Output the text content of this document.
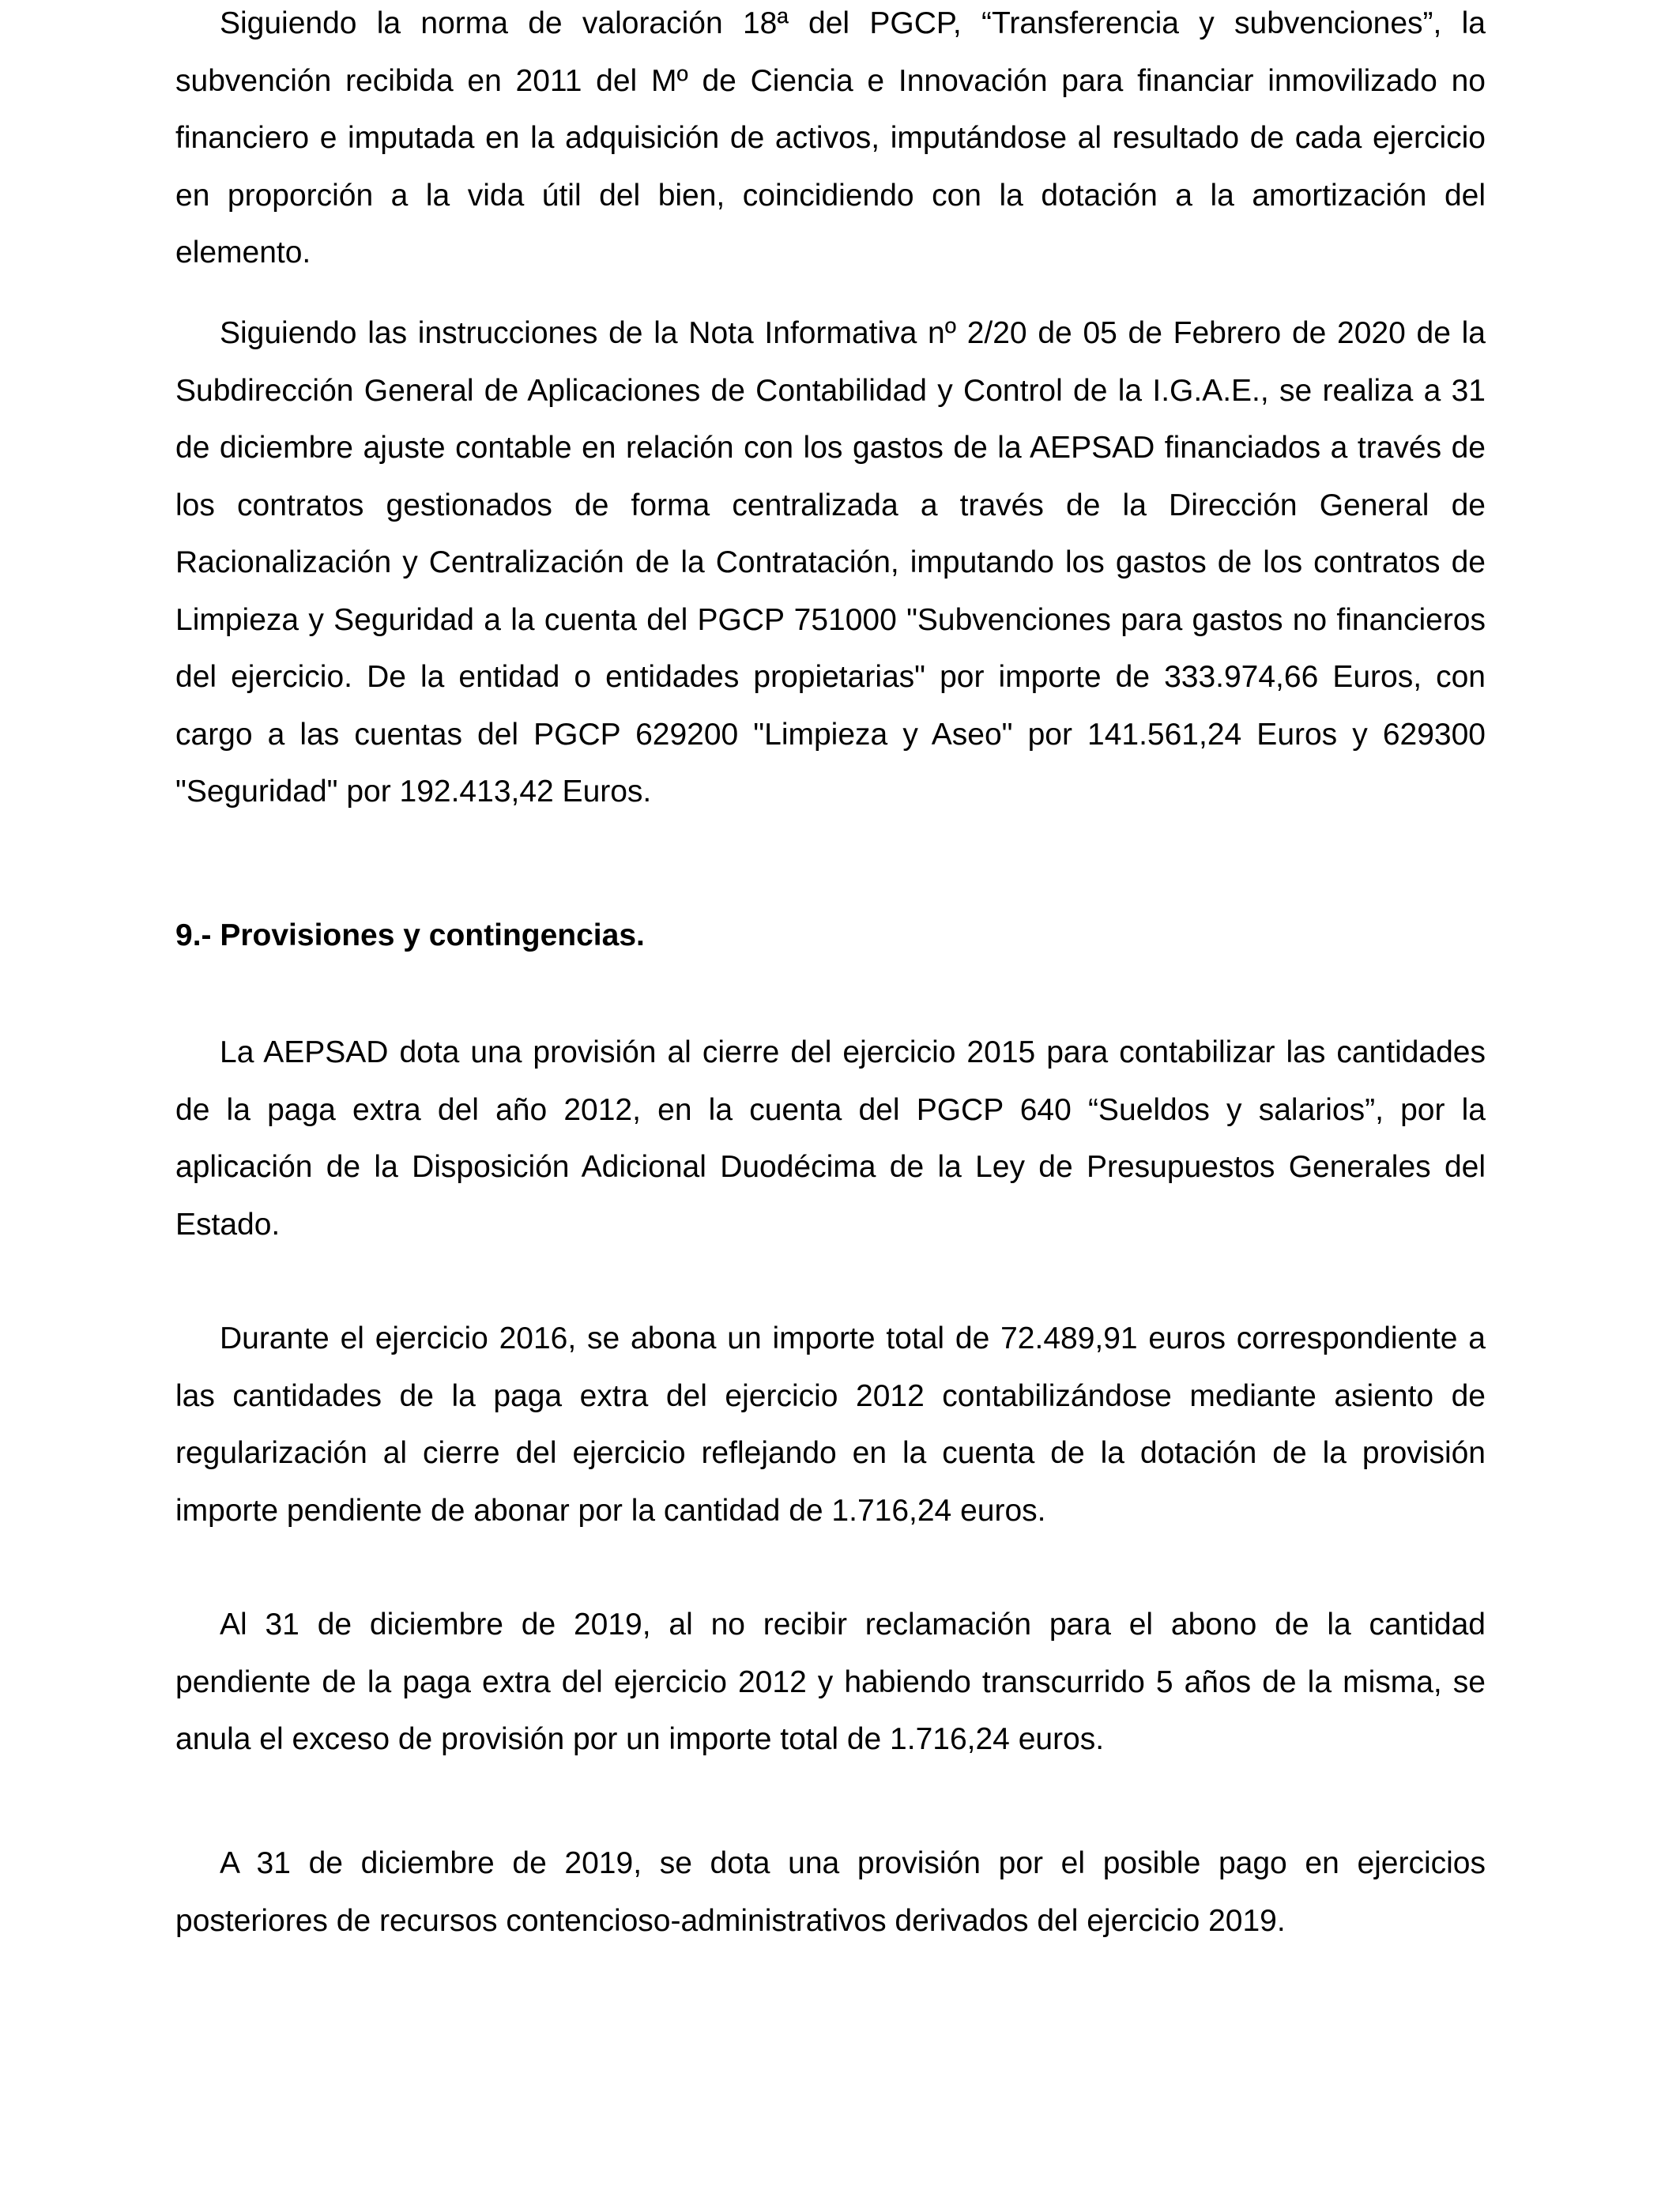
Siguiendo la norma de valoración 18ª del PGCP, “Transferencia y subvenciones”, la subvención recibida en 2011 del Mº de Ciencia e Innovación para financiar inmovilizado no financiero e imputada en la adquisición de activos, imputándose al resultado de cada ejercicio en proporción a la vida útil del bien, coincidiendo con la dotación a la amortización del elemento.

Siguiendo las instrucciones de la Nota Informativa nº 2/20 de 05 de Febrero de 2020 de la Subdirección General de Aplicaciones de Contabilidad y Control de la I.G.A.E., se realiza a 31 de diciembre ajuste contable en relación con los gastos de la AEPSAD financiados a través de los contratos gestionados de forma centralizada a través de la Dirección General de Racionalización y Centralización de la Contratación, imputando los gastos de los contratos de Limpieza y Seguridad a la cuenta del PGCP 751000 "Subvenciones para gastos no financieros del ejercicio. De la entidad o entidades propietarias" por importe de 333.974,66 Euros, con cargo a las cuentas del PGCP 629200 "Limpieza y Aseo" por 141.561,24 Euros y 629300 "Seguridad" por 192.413,42 Euros.

9.- Provisiones y contingencias.

La AEPSAD dota una provisión al cierre del ejercicio 2015 para contabilizar las cantidades de la paga extra del año 2012, en la cuenta del PGCP 640 “Sueldos y salarios”, por la aplicación de la Disposición Adicional Duodécima de la Ley de Presupuestos Generales del Estado.

Durante el ejercicio 2016, se abona un importe total de 72.489,91 euros correspondiente a las cantidades de la paga extra del ejercicio 2012 contabilizándose mediante asiento de regularización al cierre del ejercicio reflejando en la cuenta de la dotación de la provisión importe pendiente de abonar por la cantidad de 1.716,24 euros.

Al 31 de diciembre de 2019, al no recibir reclamación para el abono de la cantidad pendiente de la paga extra del ejercicio 2012 y habiendo transcurrido 5 años de la misma, se anula el exceso de provisión por un importe total de 1.716,24 euros.

A 31 de diciembre de 2019, se dota una provisión por el posible pago en ejercicios posteriores de recursos contencioso-administrativos derivados del ejercicio 2019.
